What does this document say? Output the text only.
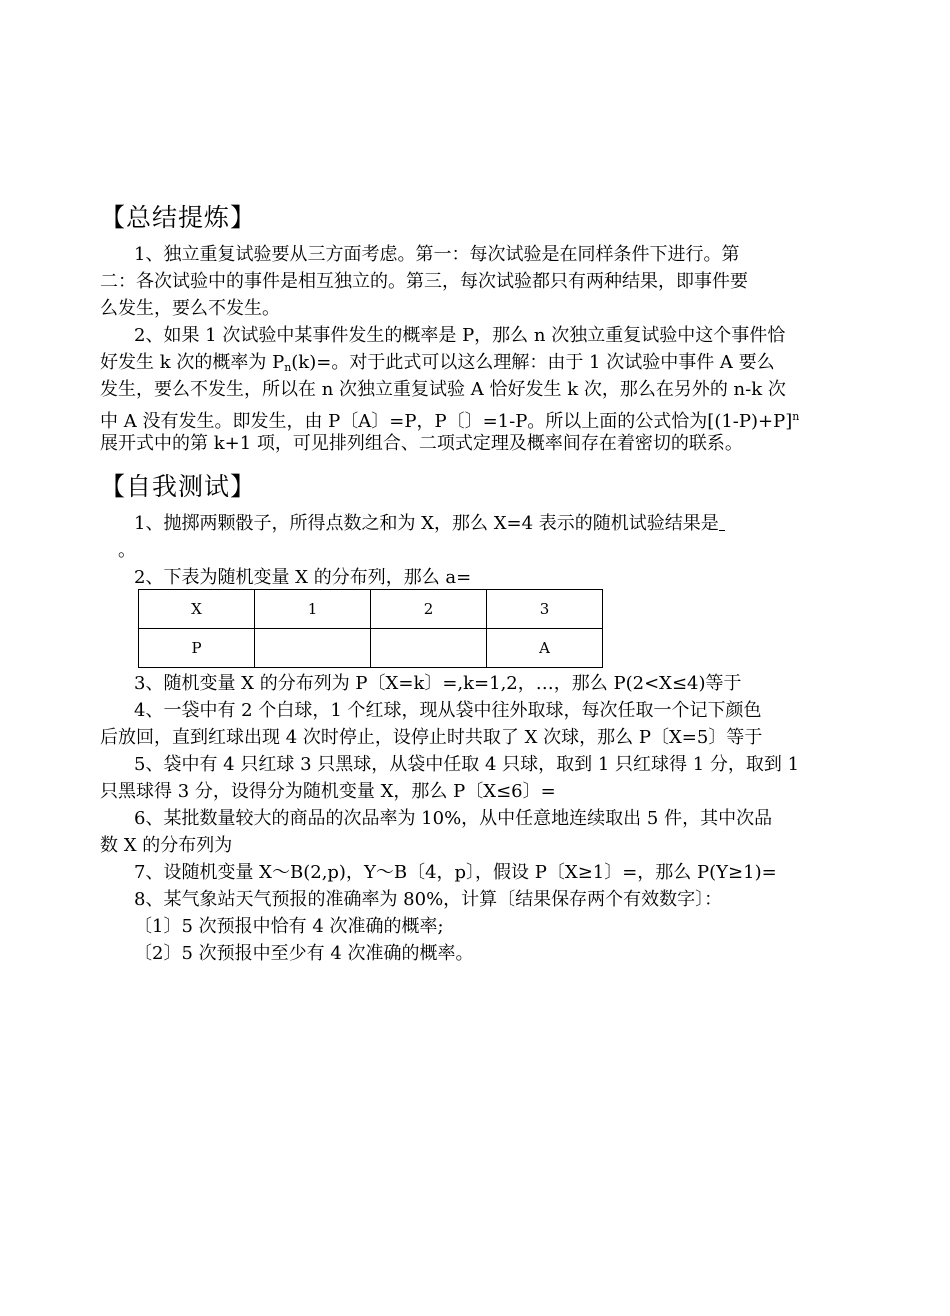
【总结提炼】
1、独立重复试验要从三方面考虑。第一：每次试验是在同样条件下进行。第
二：各次试验中的事件是相互独立的。第三，每次试验都只有两种结果，即事件要
么发生，要么不发生。
2、如果 1 次试验中某事件发生的概率是 P，那么 n 次独立重复试验中这个事件恰
好发生 k 次的概率为 $P_n(k)=$。对于此式可以这么理解：由于 1 次试验中事件 A 要么
发生，要么不发生，所以在 n 次独立重复试验 A 恰好发生 k 次，那么在另外的 n-k 次
中 A 没有发生。即发生，由 P〔A〕=P，P〔〕=1-P。所以上面的公式恰为$[(1-P)+P]^n$
展开式中的第 k+1 项，可见排列组合、二项式定理及概率间存在着密切的联系。
【自我测试】
1、抛掷两颗骰子，所得点数之和为 X，那么 X=4 表示的随机试验结果是
。
2、下表为随机变量 X 的分布列，那么 a=
X	1	2	3
P			A
3、随机变量 X 的分布列为 P〔X=k〕=,k=1,2，…，那么 P(2<X≤4)等于
4、一袋中有 2 个白球，1 个红球，现从袋中往外取球，每次任取一个记下颜色
后放回，直到红球出现 4 次时停止，设停止时共取了 X 次球，那么 P〔X=5〕等于
5、袋中有 4 只红球 3 只黑球，从袋中任取 4 只球，取到 1 只红球得 1 分，取到 1
只黑球得 3 分，设得分为随机变量 X，那么 P〔X≤6〕=
6、某批数量较大的商品的次品率为 10%，从中任意地连续取出 5 件，其中次品
数 X 的分布列为
7、设随机变量 X～B(2,p)，Y～B〔4，p〕，假设 P〔X≥1〕=，那么 P(Y≥1)=
8、某气象站天气预报的准确率为 80%，计算〔结果保存两个有效数字〕：
〔1〕5 次预报中恰有 4 次准确的概率;
〔2〕5 次预报中至少有 4 次准确的概率。
